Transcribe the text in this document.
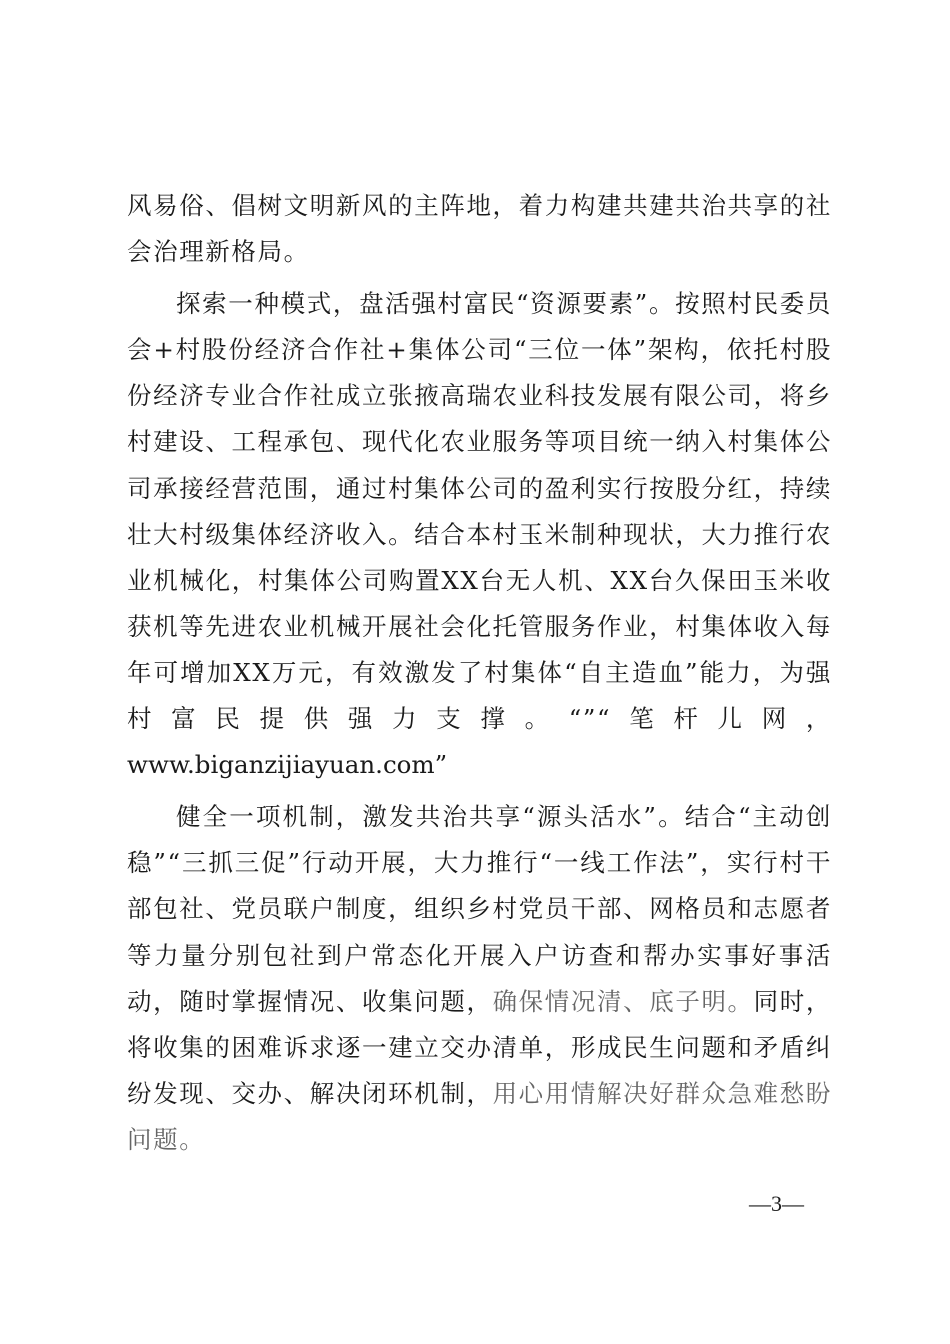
风易俗、倡树文明新风的主阵地，着力构建共建共治共享的社会治理新格局。

探索一种模式，盘活强村富民“资源要素”。按照村民委员会+村股份经济合作社+集体公司“三位一体”架构，依托村股份经济专业合作社成立张掖高瑞农业科技发展有限公司，将乡村建设、工程承包、现代化农业服务等项目统一纳入村集体公司承接经营范围，通过村集体公司的盈利实行按股分红，持续壮大村级集体经济收入。结合本村玉米制种现状，大力推行农业机械化，村集体公司购置XX台无人机、XX台久保田玉米收获机等先进农业机械开展社会化托管服务作业，村集体收入每年可增加XX万元，有效激发了村集体“自主造血”能力，为强村富民提供强力支撑。“”“笔杆儿网，www.biganzijiayuan.com”

健全一项机制，激发共治共享“源头活水”。结合“主动创稳”“三抓三促”行动开展，大力推行“一线工作法”，实行村干部包社、党员联户制度，组织乡村党员干部、网格员和志愿者等力量分别包社到户常态化开展入户访查和帮办实事好事活动，随时掌握情况、收集问题，确保情况清、底子明。同时，将收集的困难诉求逐一建立交办清单，形成民生问题和矛盾纠纷发现、交办、解决闭环机制，用心用情解决好群众急难愁盼问题。

—3—
